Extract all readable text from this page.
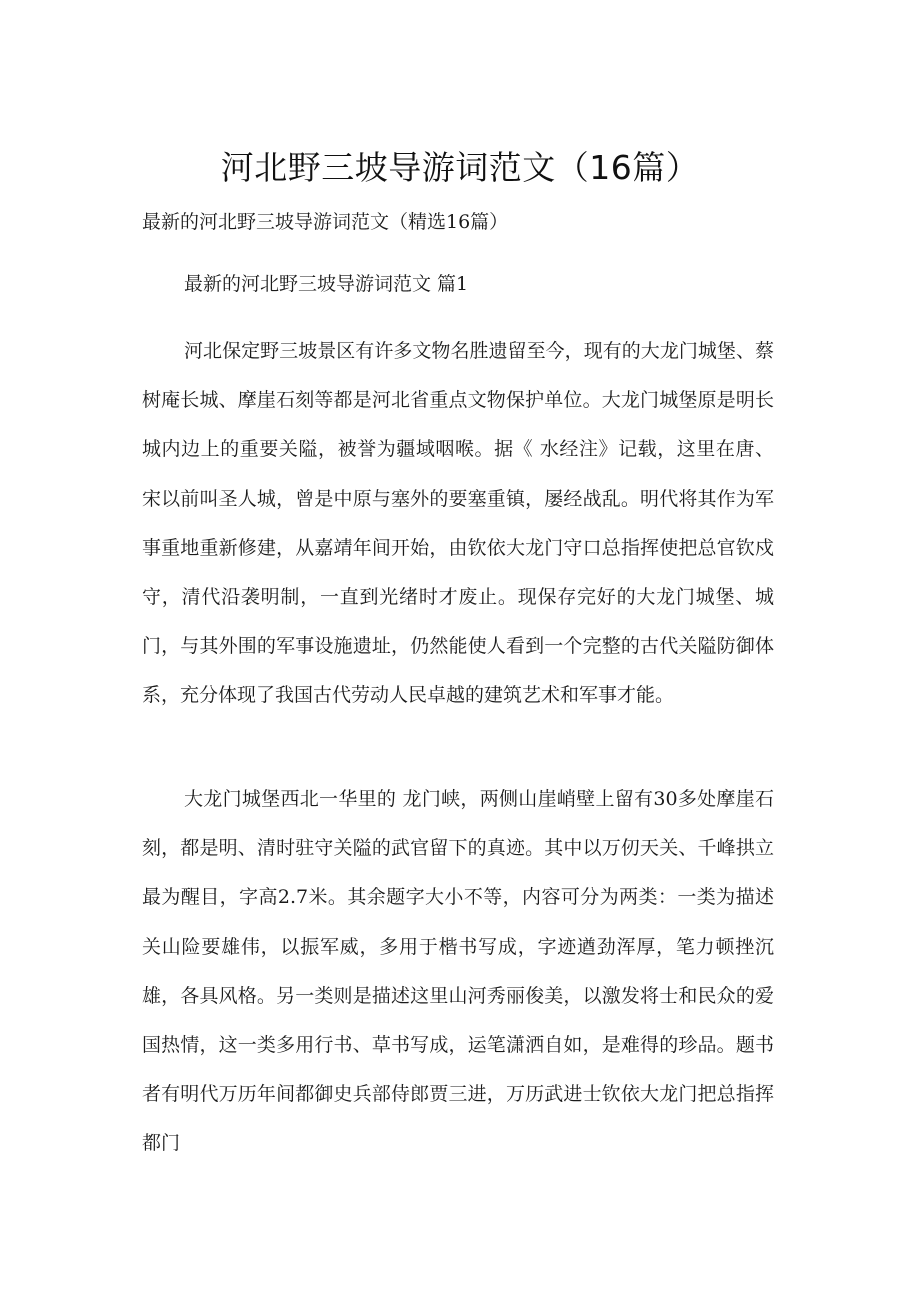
河北野三坡导游词范文（16篇）
最新的河北野三坡导游词范文（精选16篇）
最新的河北野三坡导游词范文 篇1

河北保定野三坡景区有许多文物名胜遗留至今，现有的大龙门城堡、蔡树庵长城、摩崖石刻等都是河北省重点文物保护单位。大龙门城堡原是明长城内边上的重要关隘，被誉为疆域咽喉。据《 水经注》记载，这里在唐、宋以前叫圣人城，曾是中原与塞外的要塞重镇，屡经战乱。明代将其作为军事重地重新修建，从嘉靖年间开始，由钦依大龙门守口总指挥使把总官钦戍守，清代沿袭明制，一直到光绪时才废止。现保存完好的大龙门城堡、城门，与其外围的军事设施遗址，仍然能使人看到一个完整的古代关隘防御体系，充分体现了我国古代劳动人民卓越的建筑艺术和军事才能。

大龙门城堡西北一华里的 龙门峡，两侧山崖峭壁上留有30多处摩崖石刻，都是明、清时驻守关隘的武官留下的真迹。其中以万仞天关、千峰拱立最为醒目，字高2.7米。其余题字大小不等，内容可分为两类：一类为描述关山险要雄伟，以振军威，多用于楷书写成，字迹遒劲浑厚，笔力顿挫沉雄，各具风格。另一类则是描述这里山河秀丽俊美，以激发将士和民众的爱国热情，这一类多用行书、草书写成，运笔潇洒自如，是难得的珍品。题书者有明代万历年间都御史兵部侍郎贾三进，万历武进士钦依大龙门把总指挥都门
